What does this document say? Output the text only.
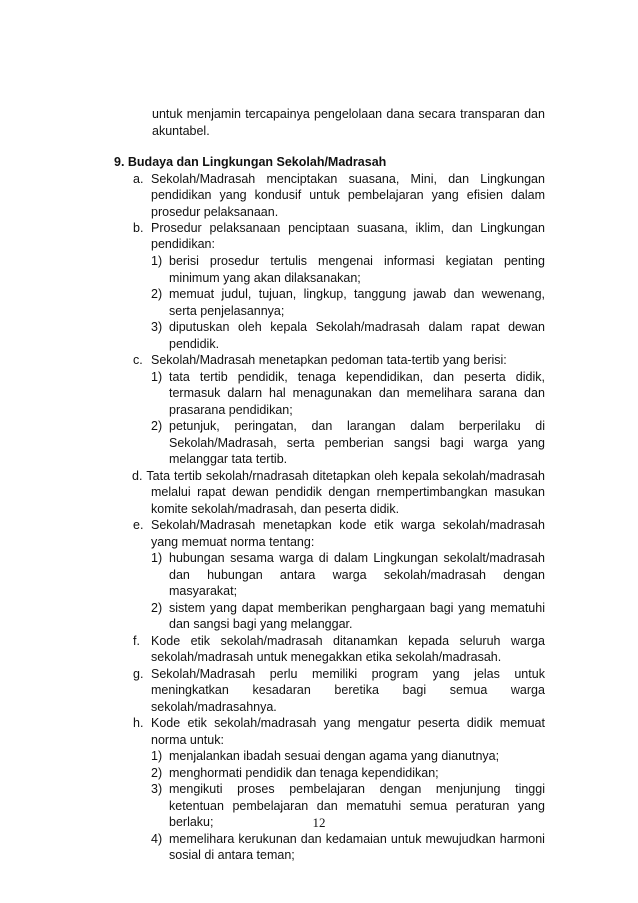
untuk menjamin tercapainya pengelolaan dana secara transparan dan
akuntabel.
9. Budaya dan Lingkungan Sekolah/Madrasah
Sekolah/Madrasah menciptakan suasana, Mini, dan Lingkungan
pendidikan yang kondusif untuk pembelajaran yang efisien dalam
prosedur pelaksanaan.
Prosedur pelaksanaan penciptaan suasana, iklim, dan Lingkungan
pendidikan:
berisi prosedur tertulis mengenai informasi kegiatan penting
minimum yang akan dilaksanakan;
memuat judul, tujuan, lingkup, tanggung jawab dan wewenang,
serta penjelasannya;
diputuskan oleh kepala Sekolah/madrasah dalam rapat dewan
pendidik.
Sekolah/Madrasah menetapkan pedoman tata-tertib yang berisi:
tata tertib pendidik, tenaga kependidikan, dan peserta didik,
termasuk dalarn hal menagunakan dan memelihara sarana dan
prasarana pendidikan;
petunjuk, peringatan, dan larangan dalam berperilaku di
Sekolah/Madrasah, serta pemberian sangsi bagi warga yang
melanggar tata tertib.
d. Tata tertib sekolah/rnadrasah ditetapkan oleh kepala sekolah/madrasah
melalui rapat dewan pendidik dengan rnempertimbangkan masukan
komite sekolah/madrasah, dan peserta didik.
Sekolah/Madrasah menetapkan kode etik warga sekolah/madrasah
yang memuat norma tentang:
hubungan sesama warga di dalam Lingkungan sekolalt/madrasah
dan hubungan antara warga sekolah/madrasah dengan
masyarakat;
sistem yang dapat memberikan penghargaan bagi yang mematuhi
dan sangsi bagi yang melanggar.
Kode etik sekolah/madrasah ditanamkan kepada seluruh warga
sekolah/madrasah untuk menegakkan etika sekolah/madrasah.
Sekolah/Madrasah perlu memiliki program yang jelas untuk
meningkatkan kesadaran beretika bagi semua warga
sekolah/madrasahnya.
Kode etik sekolah/madrasah yang mengatur peserta didik memuat
norma untuk:
menjalankan ibadah sesuai dengan agama yang dianutnya;
menghormati pendidik dan tenaga kependidikan;
mengikuti proses pembelajaran dengan menjunjung tinggi
ketentuan pembelajaran dan mematuhi semua peraturan yang
berlaku;
memelihara kerukunan dan kedamaian untuk mewujudkan harmoni
sosial di antara teman;
a.
b.
1)
2)
3)
c.
1)
2)
e.
1)
2)
f.
g.
h.
1)
2)
3)
4)
12
